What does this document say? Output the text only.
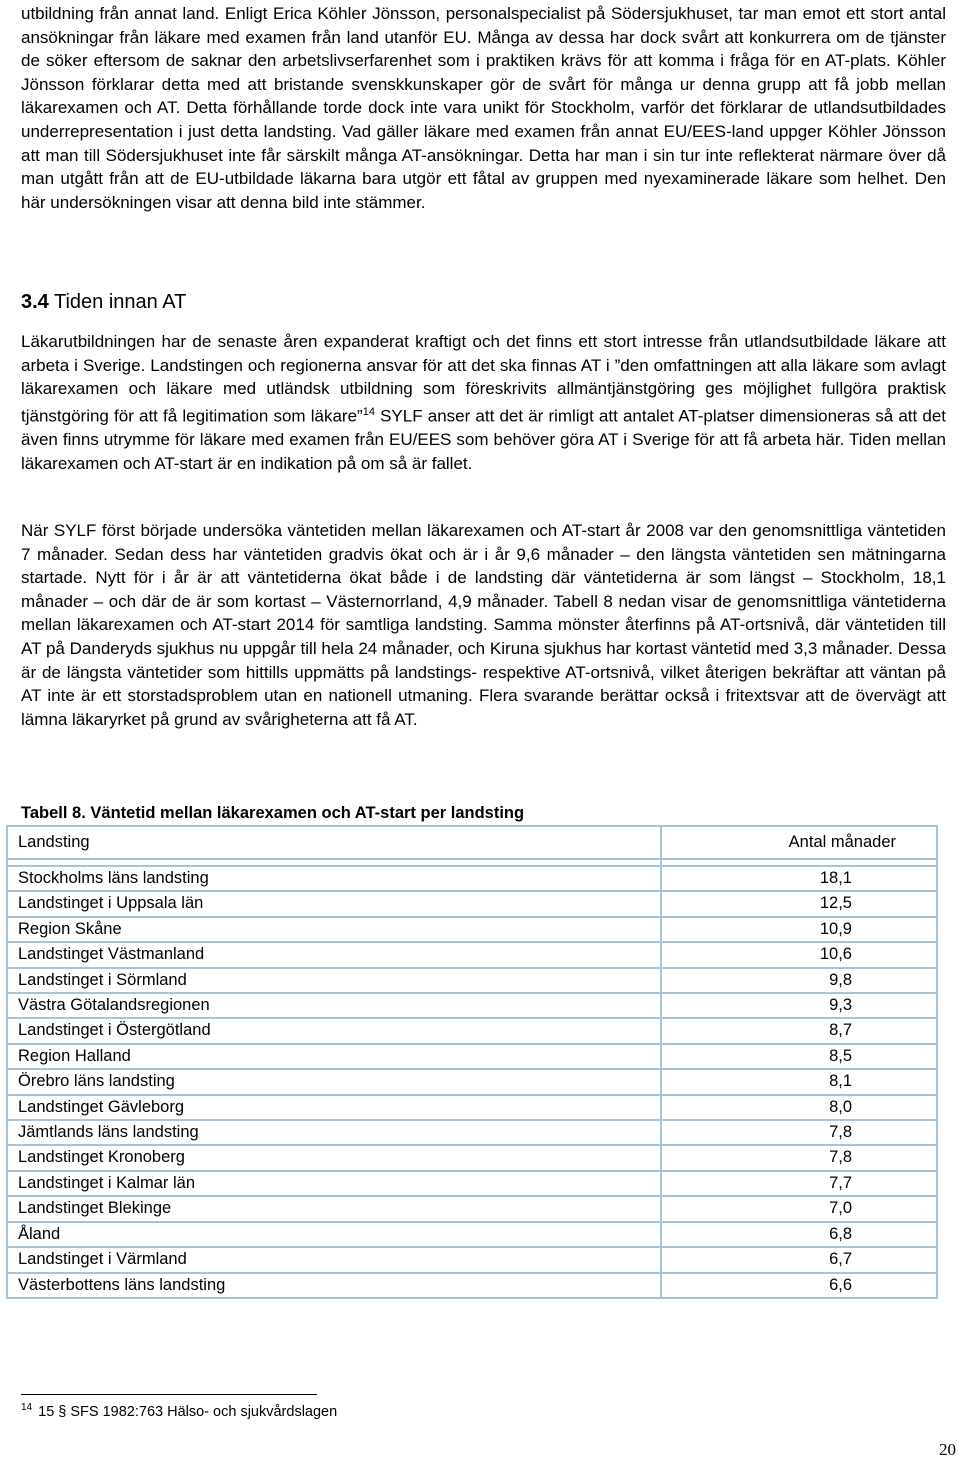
utbildning från annat land. Enligt Erica Köhler Jönsson, personalspecialist på Södersjukhuset, tar man emot ett stort antal ansökningar från läkare med examen från land utanför EU. Många av dessa har dock svårt att konkurrera om de tjänster de söker eftersom de saknar den arbetslivserfarenhet som i praktiken krävs för att komma i fråga för en AT-plats. Köhler Jönsson förklarar detta med att bristande svenskkunskaper gör de svårt för många ur denna grupp att få jobb mellan läkarexamen och AT. Detta förhållande torde dock inte vara unikt för Stockholm, varför det förklarar de utlandsutbildades underrepresentation i just detta landsting. Vad gäller läkare med examen från annat EU/EES-land uppger Köhler Jönsson att man till Södersjukhuset inte får särskilt många AT-ansökningar. Detta har man i sin tur inte reflekterat närmare över då man utgått från att de EU-utbildade läkarna bara utgör ett fåtal av gruppen med nyexaminerade läkare som helhet. Den här undersökningen visar att denna bild inte stämmer.

3.4 Tiden innan AT

Läkarutbildningen har de senaste åren expanderat kraftigt och det finns ett stort intresse från utlandsutbildade läkare att arbeta i Sverige. Landstingen och regionerna ansvar för att det ska finnas AT i ”den omfattningen att alla läkare som avlagt läkarexamen och läkare med utländsk utbildning som föreskrivits allmäntjänstgöring ges möjlighet fullgöra praktisk tjänstgöring för att få legitimation som läkare”$^{14}$ SYLF anser att det är rimligt att antalet AT-platser dimensioneras så att det även finns utrymme för läkare med examen från EU/EES som behöver göra AT i Sverige för att få arbeta här. Tiden mellan läkarexamen och AT-start är en indikation på om så är fallet.

När SYLF först började undersöka väntetiden mellan läkarexamen och AT-start år 2008 var den genomsnittliga väntetiden 7 månader. Sedan dess har väntetiden gradvis ökat och är i år 9,6 månader – den längsta väntetiden sen mätningarna startade. Nytt för i år är att väntetiderna ökat både i de landsting där väntetiderna är som längst – Stockholm, 18,1 månader – och där de är som kortast – Västernorrland, 4,9 månader. Tabell 8 nedan visar de genomsnittliga väntetiderna mellan läkarexamen och AT-start 2014 för samtliga landsting. Samma mönster återfinns på AT-ortsnivå, där väntetiden till AT på Danderyds sjukhus nu uppgår till hela 24 månader, och Kiruna sjukhus har kortast väntetid med 3,3 månader. Dessa är de längsta väntetider som hittills uppmätts på landstings- respektive AT-ortsnivå, vilket återigen bekräftar att väntan på AT inte är ett storstadsproblem utan en nationell utmaning. Flera svarande berättar också i fritextsvar att de övervägt att lämna läkaryrket på grund av svårigheterna att få AT.

Tabell 8. Väntetid mellan läkarexamen och AT-start per landsting
Landsting	Antal månader

Stockholms läns landsting	18,1
Landstinget i Uppsala län	12,5
Region Skåne	10,9
Landstinget Västmanland	10,6
Landstinget i Sörmland	9,8
Västra Götalandsregionen	9,3
Landstinget i Östergötland	8,7
Region Halland	8,5
Örebro läns landsting	8,1
Landstinget Gävleborg	8,0
Jämtlands läns landsting	7,8
Landstinget Kronoberg	7,8
Landstinget i Kalmar län	7,7
Landstinget Blekinge	7,0
Åland	6,8
Landstinget i Värmland	6,7
Västerbottens läns landsting	6,6
$^{14}$ 15 § SFS 1982:763 Hälso- och sjukvårdslagen
20
